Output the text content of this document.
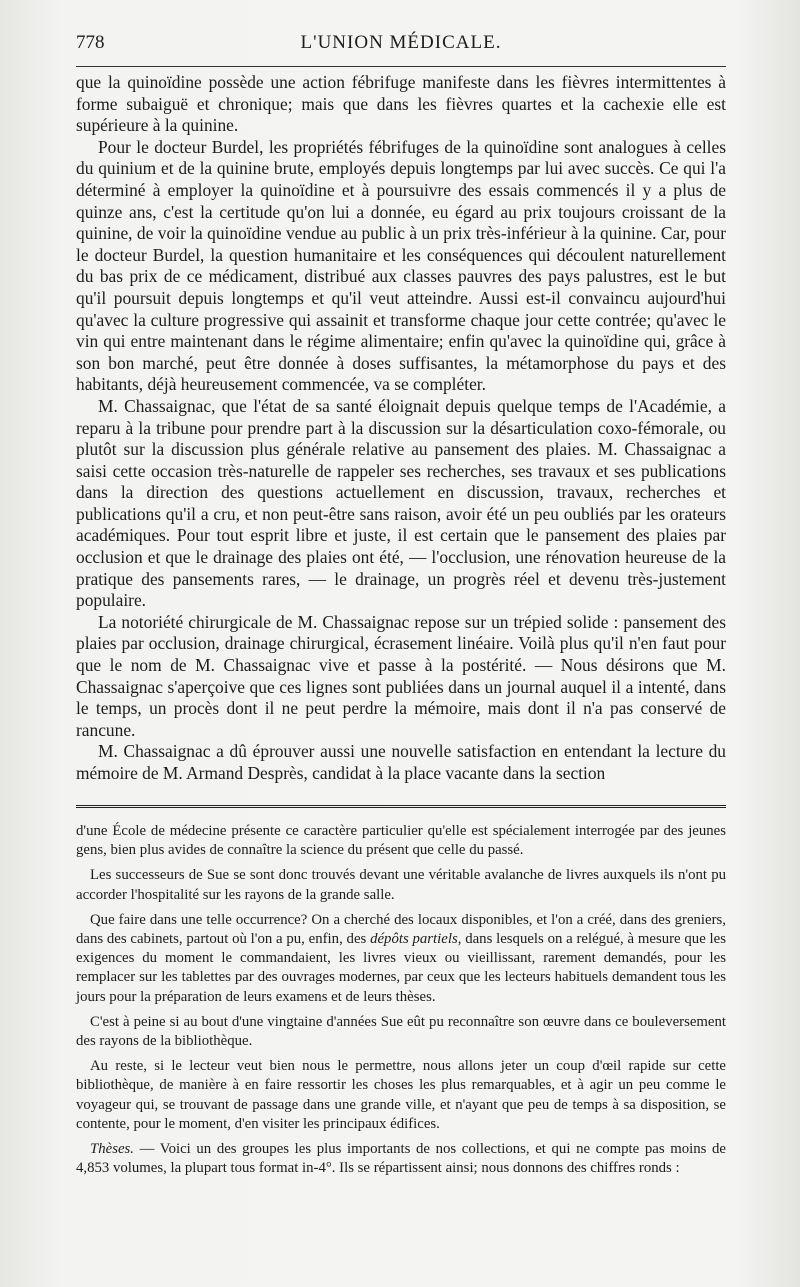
778	L'UNION MÉDICALE.

que la quinoïdine possède une action fébrifuge manifeste dans les fièvres intermittentes à forme subaiguë et chronique; mais que dans les fièvres quartes et la cachexie elle est supérieure à la quinine.

Pour le docteur Burdel, les propriétés fébrifuges de la quinoïdine sont analogues à celles du quinium et de la quinine brute, employés depuis longtemps par lui avec succès. Ce qui l'a déterminé à employer la quinoïdine et à poursuivre des essais commencés il y a plus de quinze ans, c'est la certitude qu'on lui a donnée, eu égard au prix toujours croissant de la quinine, de voir la quinoïdine vendue au public à un prix très-inférieur à la quinine. Car, pour le docteur Burdel, la question humanitaire et les conséquences qui découlent naturellement du bas prix de ce médicament, distribué aux classes pauvres des pays palustres, est le but qu'il poursuit depuis longtemps et qu'il veut atteindre. Aussi est-il convaincu aujourd'hui qu'avec la culture progressive qui assainit et transforme chaque jour cette contrée; qu'avec le vin qui entre maintenant dans le régime alimentaire; enfin qu'avec la quinoïdine qui, grâce à son bon marché, peut être donnée à doses suffisantes, la métamorphose du pays et des habitants, déjà heureusement commencée, va se compléter.

M. Chassaignac, que l'état de sa santé éloignait depuis quelque temps de l'Académie, a reparu à la tribune pour prendre part à la discussion sur la désarticulation coxo-fémorale, ou plutôt sur la discussion plus générale relative au pansement des plaies. M. Chassaignac a saisi cette occasion très-naturelle de rappeler ses recherches, ses travaux et ses publications dans la direction des questions actuellement en discussion, travaux, recherches et publications qu'il a cru, et non peut-être sans raison, avoir été un peu oubliés par les orateurs académiques. Pour tout esprit libre et juste, il est certain que le pansement des plaies par occlusion et que le drainage des plaies ont été, — l'occlusion, une rénovation heureuse de la pratique des pansements rares, — le drainage, un progrès réel et devenu très-justement populaire.

La notoriété chirurgicale de M. Chassaignac repose sur un trépied solide : pansement des plaies par occlusion, drainage chirurgical, écrasement linéaire. Voilà plus qu'il n'en faut pour que le nom de M. Chassaignac vive et passe à la postérité. — Nous désirons que M. Chassaignac s'aperçoive que ces lignes sont publiées dans un journal auquel il a intenté, dans le temps, un procès dont il ne peut perdre la mémoire, mais dont il n'a pas conservé de rancune.

M. Chassaignac a dû éprouver aussi une nouvelle satisfaction en entendant la lecture du mémoire de M. Armand Desprès, candidat à la place vacante dans la section

d'une École de médecine présente ce caractère particulier qu'elle est spécialement interrogée par des jeunes gens, bien plus avides de connaître la science du présent que celle du passé.

Les successeurs de Sue se sont donc trouvés devant une véritable avalanche de livres auxquels ils n'ont pu accorder l'hospitalité sur les rayons de la grande salle.

Que faire dans une telle occurrence? On a cherché des locaux disponibles, et l'on a créé, dans des greniers, dans des cabinets, partout où l'on a pu, enfin, des dépôts partiels, dans lesquels on a relégué, à mesure que les exigences du moment le commandaient, les livres vieux ou vieillissant, rarement demandés, pour les remplacer sur les tablettes par des ouvrages modernes, par ceux que les lecteurs habituels demandent tous les jours pour la préparation de leurs examens et de leurs thèses.

C'est à peine si au bout d'une vingtaine d'années Sue eût pu reconnaître son œuvre dans ce bouleversement des rayons de la bibliothèque.

Au reste, si le lecteur veut bien nous le permettre, nous allons jeter un coup d'œil rapide sur cette bibliothèque, de manière à en faire ressortir les choses les plus remarquables, et à agir un peu comme le voyageur qui, se trouvant de passage dans une grande ville, et n'ayant que peu de temps à sa disposition, se contente, pour le moment, d'en visiter les principaux édifices.

Thèses. — Voici un des groupes les plus importants de nos collections, et qui ne compte pas moins de 4,853 volumes, la plupart tous format in-4°. Ils se répartissent ainsi; nous donnons des chiffres ronds :
